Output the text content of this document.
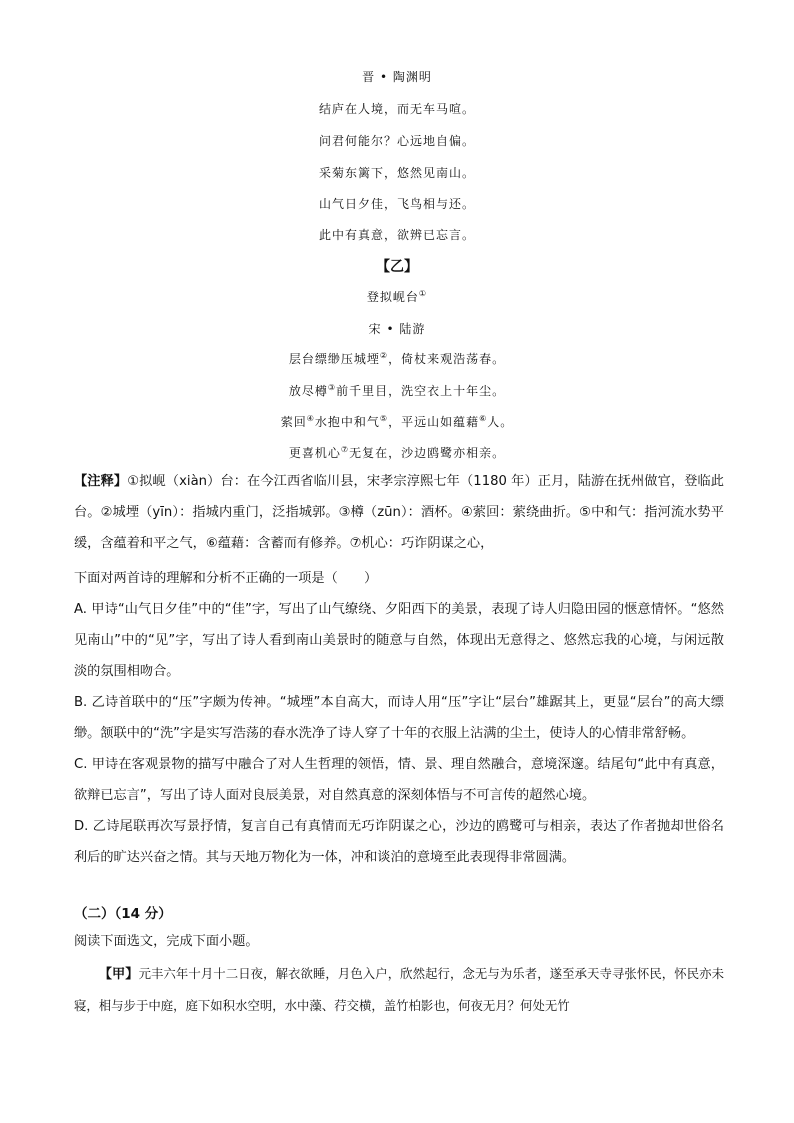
晋 • 陶渊明
结庐在人境，而无车马喧。
问君何能尔？心远地自偏。
采菊东篱下，悠然见南山。
山气日夕佳，飞鸟相与还。
此中有真意，欲辨已忘言。
【乙】
登拟岘台①
宋 • 陆游
层台缥缈压城堙②，倚杖来观浩荡春。
放尽樽③前千里目，洗空衣上十年尘。
萦回④水抱中和气⑤，平远山如蕴藉⑥人。
更喜机心⑦无复在，沙边鸥鹭亦相亲。
【注释】①拟岘（xiàn）台：在今江西省临川县，宋孝宗淳熙七年（1180 年）正月，陆游在抚州做官，登临此台。②城堙（yīn）：指城内重门，泛指城郭。③樽（zūn）：酒杯。④萦回：萦绕曲折。⑤中和气：指河流水势平缓，含蕴着和平之气，⑥蕴藉：含蓄而有修养。⑦机心：巧诈阴谋之心，
下面对两首诗的理解和分析不正确的一项是（　　）
A. 甲诗“山气日夕佳”中的“佳”字，写出了山气缭绕、夕阳西下的美景，表现了诗人归隐田园的惬意情怀。“悠然见南山”中的“见”字，写出了诗人看到南山美景时的随意与自然，体现出无意得之、悠然忘我的心境，与闲远散淡的氛围相吻合。
B. 乙诗首联中的“压”字颇为传神。“城堙”本自高大，而诗人用“压”字让“层台”雄踞其上，更显“层台”的高大缥缈。颔联中的“洗”字是实写浩荡的春水洗净了诗人穿了十年的衣服上沾满的尘土，使诗人的心情非常舒畅。
C. 甲诗在客观景物的描写中融合了对人生哲理的领悟，情、景、理自然融合，意境深邃。结尾句“此中有真意，欲辩已忘言”，写出了诗人面对良辰美景，对自然真意的深刻体悟与不可言传的超然心境。
D. 乙诗尾联再次写景抒情，复言自己有真情而无巧诈阴谋之心，沙边的鸥鹭可与相亲，表达了作者抛却世俗名利后的旷达兴奋之情。其与天地万物化为一体，冲和谈泊的意境至此表现得非常圆满。
（二）（14 分）
阅读下面选文，完成下面小题。
【甲】元丰六年十月十二日夜，解衣欲睡，月色入户，欣然起行，念无与为乐者，遂至承天寺寻张怀民，怀民亦未寝，相与步于中庭，庭下如积水空明，水中藻、荇交横，盖竹柏影也，何夜无月？何处无竹
